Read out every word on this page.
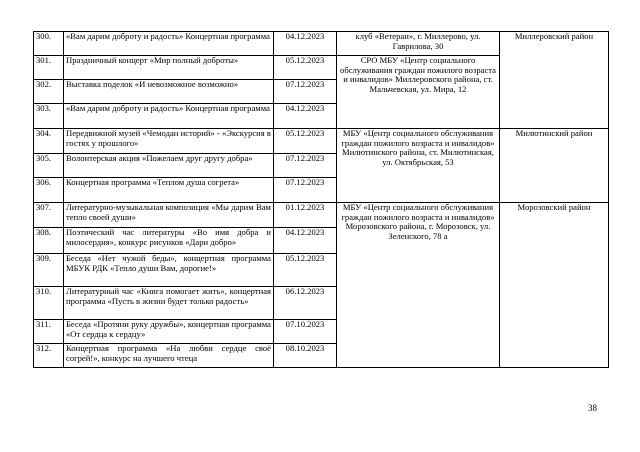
300.	«Вам дарим доброту и радость» Концертная программа	04.12.2023	клуб «Ветеран», г. Миллерово, ул. Гаврилова, 30	Миллеровский район
301.	Праздничный концерт «Мир полный доброты»	05.12.2023	СРО МБУ «Центр социального обслуживания граждан пожилого возраста и инвалидов» Миллеровского района, ст. Мальчевская, ул. Мира, 12	
302.	Выставка поделок «И невозможное возможно»	07.12.2023		
303.	«Вам дарим доброту и радость» Концертная программа	04.12.2023		
304.	Передвижной музей «Чемодан историй» - «Экскурсия в гостях у прошлого»	05.12.2023	МБУ «Центр социального обслуживания граждан пожилого возраста и инвалидов» Милютинского района, ст. Милютинская, ул. Октябрьская, 53	Милютинский район
305.	Волонтерская акция «Пожелаем друг другу добра»	07.12.2023		
306.	Концертная программа «Теплом душа согрета»	07.12.2023		
307.	Литературно-музыкальная композиция «Мы дарим Вам тепло своей души»	01.12.2023	МБУ «Центр социального обслуживания граждан пожилого возраста и инвалидов» Морозовского района, г. Морозовск, ул. Зеленского, 78 а	Морозовский район
308.	Поэтический час литературы «Во имя добра и милосердия», конкурс рисунков «Дари добро»	04.12.2023		
309.	Беседа «Нет чужой беды», концертная программа МБУК РДК «Тепло души Вам, дорогие!»	05.12.2023		
310.	Литературный час «Книга помогает жить», концертная программа «Пусть в жизни будет только радость»	06.12.2023		
311.	Беседа «Протяни руку дружбы», концертная программа «От сердца к сердцу»	07.10.2023		
312.	Концертная программа «На любви сердце своё согрей!», конкурс на лучшего чтеца	08.10.2023		
38
